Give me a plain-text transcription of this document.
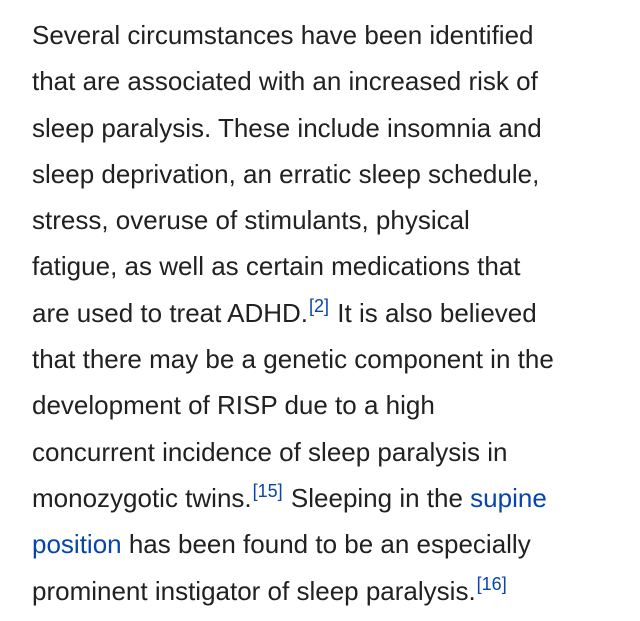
Several circumstances have been identified
that are associated with an increased risk of
sleep paralysis. These include insomnia and
sleep deprivation, an erratic sleep schedule,
stress, overuse of stimulants, physical
fatigue, as well as certain medications that
are used to treat ADHD.[2] It is also believed
that there may be a genetic component in the
development of RISP due to a high
concurrent incidence of sleep paralysis in
monozygotic twins.[15] Sleeping in the supine
position has been found to be an especially
prominent instigator of sleep paralysis.[16]
